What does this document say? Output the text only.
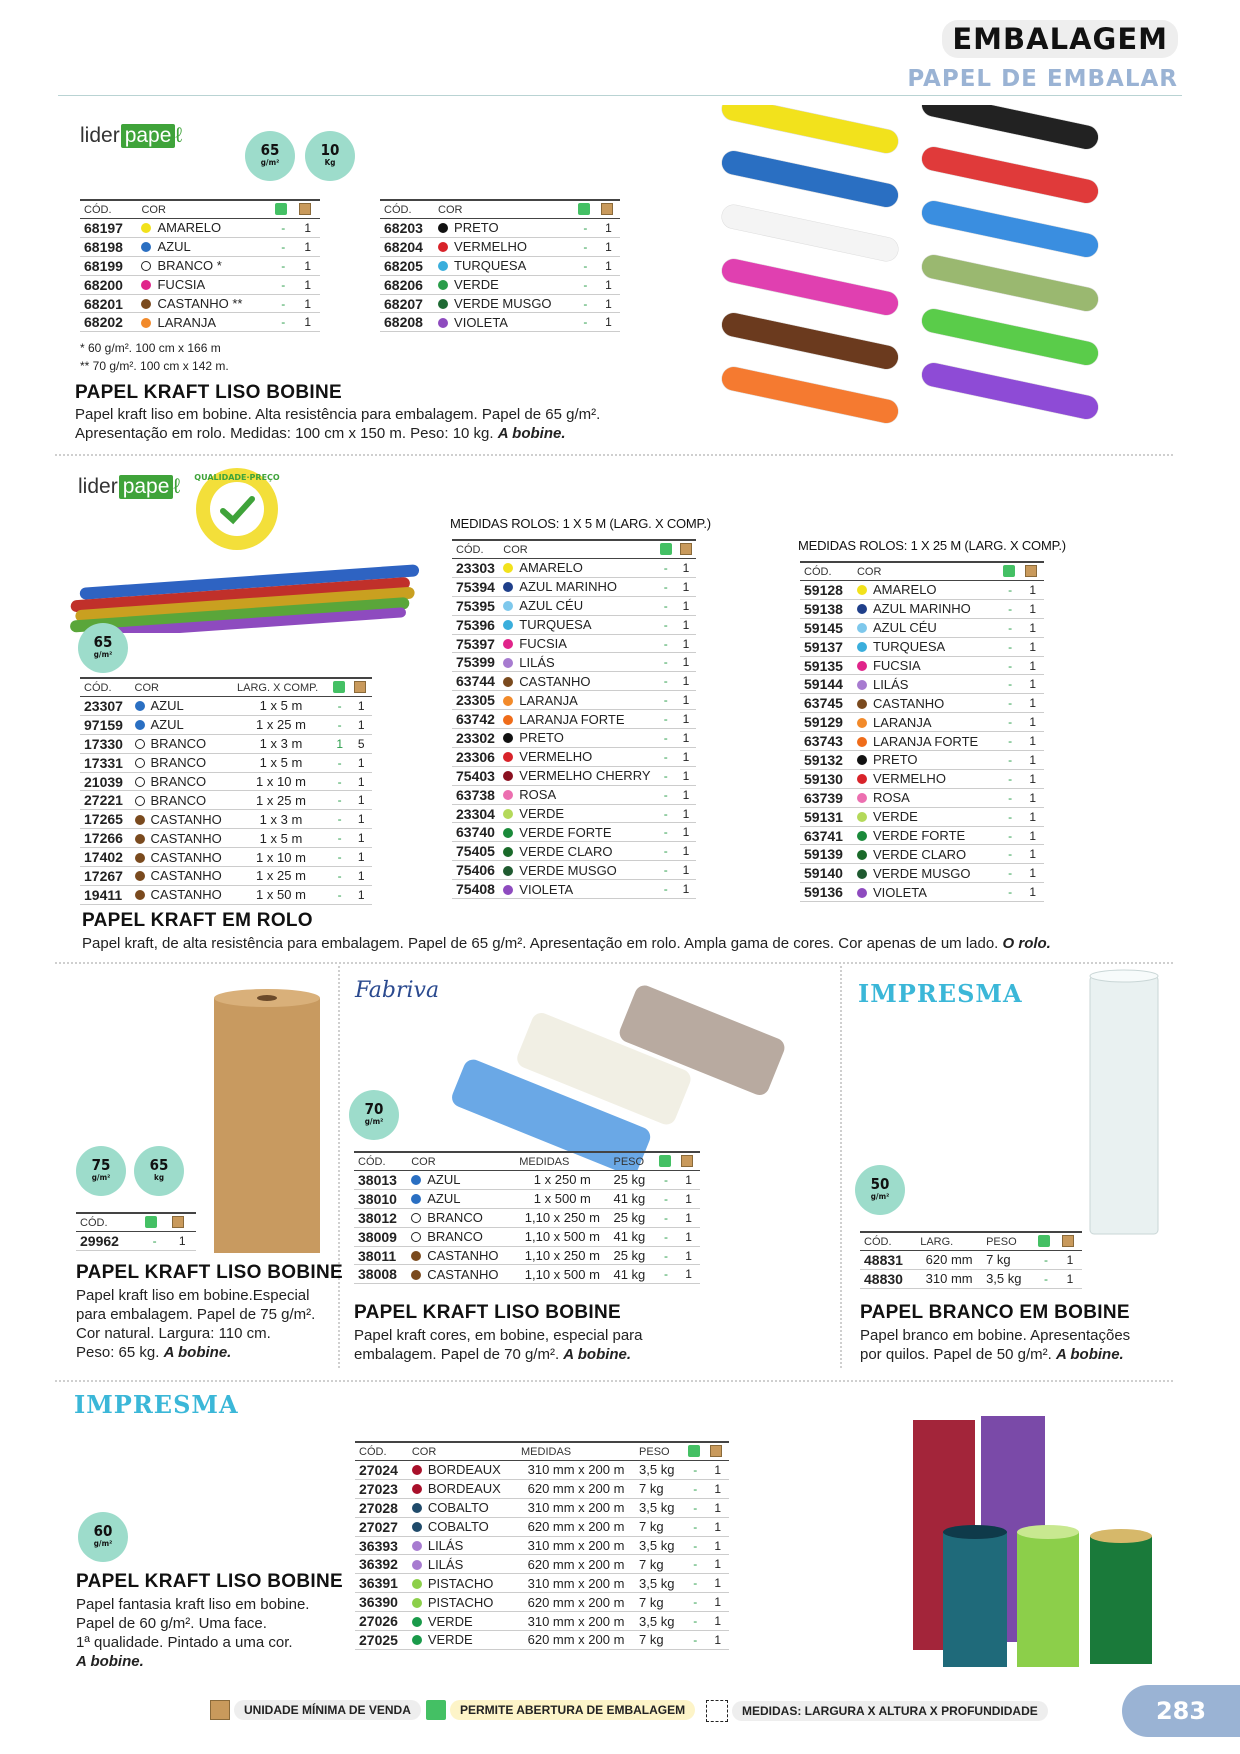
EMBALAGEM
PAPEL DE EMBALAR
lider pape ℓ
65
g/m²
10
Kg
CÓD.	COR		
68197	AMARELO	-	1
68198	AZUL	-	1
68199	BRANCO *	-	1
68200	FUCSIA	-	1
68201	CASTANHO **	-	1
68202	LARANJA	-	1
CÓD.	COR		
68203	PRETO	-	1
68204	VERMELHO	-	1
68205	TURQUESA	-	1
68206	VERDE	-	1
68207	VERDE MUSGO	-	1
68208	VIOLETA	-	1
* 60 g/m². 100 cm x 166 m
** 70 g/m². 100 cm x 142 m.
PAPEL KRAFT LISO BOBINE
Papel kraft liso em bobine. Alta resistência para embalagem. Papel de 65 g/m².
Apresentação em rolo. Medidas: 100 cm x 150 m. Peso: 10 kg. A bobine.
lider pape ℓ QUALIDADE·PREÇO
65
g/m²
CÓD.	COR	LARG. X COMP.		
23307	AZUL	1 x 5 m	-	1
97159	AZUL	1 x 25 m	-	1
17330	BRANCO	1 x 3 m	1	5
17331	BRANCO	1 x 5 m	-	1
21039	BRANCO	1 x 10 m	-	1
27221	BRANCO	1 x 25 m	-	1
17265	CASTANHO	1 x 3 m	-	1
17266	CASTANHO	1 x 5 m	-	1
17402	CASTANHO	1 x 10 m	-	1
17267	CASTANHO	1 x 25 m	-	1
19411	CASTANHO	1 x 50 m	-	1
MEDIDAS ROLOS: 1 X 5 M (LARG. X COMP.)
CÓD.	COR		
23303	AMARELO	-	1
75394	AZUL MARINHO	-	1
75395	AZUL CÉU	-	1
75396	TURQUESA	-	1
75397	FUCSIA	-	1
75399	LILÁS	-	1
63744	CASTANHO	-	1
23305	LARANJA	-	1
63742	LARANJA FORTE	-	1
23302	PRETO	-	1
23306	VERMELHO	-	1
75403	VERMELHO CHERRY	-	1
63738	ROSA	-	1
23304	VERDE	-	1
63740	VERDE FORTE	-	1
75405	VERDE CLARO	-	1
75406	VERDE MUSGO	-	1
75408	VIOLETA	-	1
MEDIDAS ROLOS: 1 X 25 M (LARG. X COMP.)
CÓD.	COR		
59128	AMARELO	-	1
59138	AZUL MARINHO	-	1
59145	AZUL CÉU	-	1
59137	TURQUESA	-	1
59135	FUCSIA	-	1
59144	LILÁS	-	1
63745	CASTANHO	-	1
59129	LARANJA	-	1
63743	LARANJA FORTE	-	1
59132	PRETO	-	1
59130	VERMELHO	-	1
63739	ROSA	-	1
59131	VERDE	-	1
63741	VERDE FORTE	-	1
59139	VERDE CLARO	-	1
59140	VERDE MUSGO	-	1
59136	VIOLETA	-	1
PAPEL KRAFT EM ROLO
Papel kraft, de alta resistência para embalagem. Papel de 65 g/m². Apresentação em rolo. Ampla gama de cores. Cor apenas de um lado. O rolo.
75
g/m²
65
kg
CÓD.		
29962	-	1
PAPEL KRAFT LISO BOBINE
Papel kraft liso em bobine.Especial
para embalagem. Papel de 75 g/m².
Cor natural. Largura: 110 cm.
Peso: 65 kg. A bobine.
Fabriva
70
g/m²
CÓD.	COR	MEDIDAS	PESO		
38013	AZUL	1 x 250 m	25 kg	-	1
38010	AZUL	1 x 500 m	41 kg	-	1
38012	BRANCO	1,10 x 250 m	25 kg	-	1
38009	BRANCO	1,10 x 500 m	41 kg	-	1
38011	CASTANHO	1,10 x 250 m	25 kg	-	1
38008	CASTANHO	1,10 x 500 m	41 kg	-	1
PAPEL KRAFT LISO BOBINE
Papel kraft cores, em bobine, especial para
embalagem. Papel de 70 g/m². A bobine.
IMPRESMA
50
g/m²
CÓD.	LARG.	PESO		
48831	620 mm	7 kg	-	1
48830	310 mm	3,5 kg	-	1
PAPEL BRANCO EM BOBINE
Papel branco em bobine. Apresentações
por quilos. Papel de 50 g/m². A bobine.
IMPRESMA
60
g/m²
CÓD.	COR	MEDIDAS	PESO		
27024	BORDEAUX	310 mm x 200 m	3,5 kg	-	1
27023	BORDEAUX	620 mm x 200 m	7 kg	-	1
27028	COBALTO	310 mm x 200 m	3,5 kg	-	1
27027	COBALTO	620 mm x 200 m	7 kg	-	1
36393	LILÁS	310 mm x 200 m	3,5 kg	-	1
36392	LILÁS	620 mm x 200 m	7 kg	-	1
36391	PISTACHO	310 mm x 200 m	3,5 kg	-	1
36390	PISTACHO	620 mm x 200 m	7 kg	-	1
27026	VERDE	310 mm x 200 m	3,5 kg	-	1
27025	VERDE	620 mm x 200 m	7 kg	-	1
PAPEL KRAFT LISO BOBINE
Papel fantasia kraft liso em bobine.
Papel de 60 g/m². Uma face.
1ª qualidade. Pintado a uma cor.
A bobine.
UNIDADE MÍNIMA DE VENDA	PERMITE ABERTURA DE EMBALAGEM	MEDIDAS: LARGURA X ALTURA X PROFUNDIDADE	283
